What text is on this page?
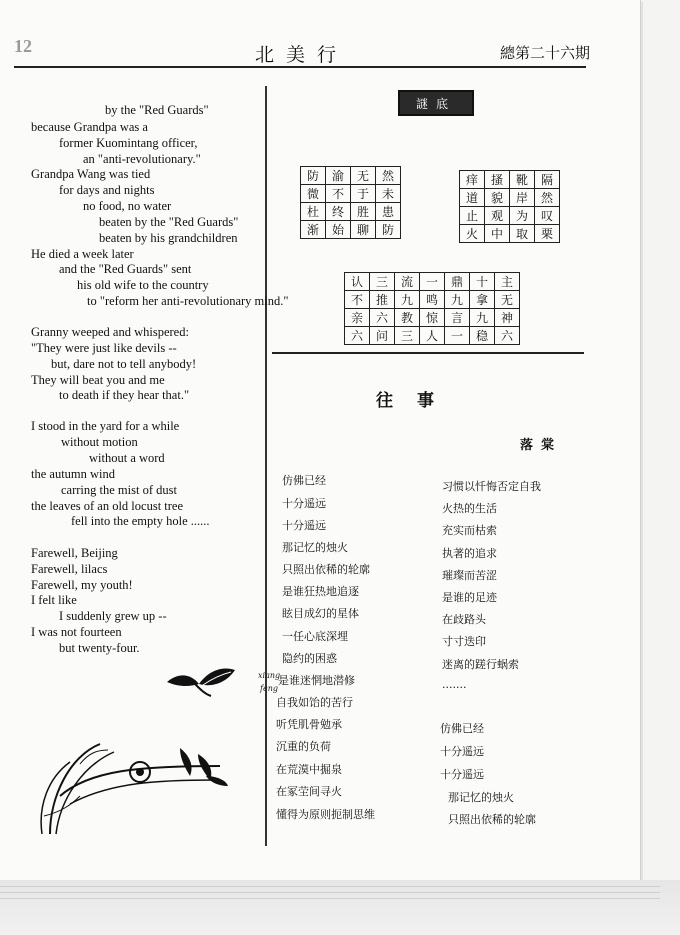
12	北美行	總第二十六期
by the "Red Guards"
because Grandpa was a
former Kuomintang officer,
an "anti-revolutionary."
Grandpa Wang was tied
for days and nights
no food, no water
beaten by the "Red Guards"
beaten by his grandchildren
He died a week later
and the "Red Guards" sent
his old wife to the country
to "reform her anti-revolutionary mind."
Granny weeped and whispered:
"They were just like devils --
but, dare not to tell anybody!
They will beat you and me
to death if they hear that."
I stood in the yard for a while
without motion
without a word
the autumn wind
carring the mist of dust
the leaves of an old locust tree
fell into the empty hole ......
Farewell, Beijing
Farewell, lilacs
Farewell, my youth!
I felt like
I suddenly grew up --
I was not fourteen
but twenty-four.
謎底
防	渝	无	然
微	不	于	未
杜	终	胜	患
渐	始	聊	防
痒	搔	靴	隔
道	貌	岸	然
止	观	为	叹
火	中	取	栗
认	三	流	一	鼎	十	主
不	推	九	鸣	九	拿	无
亲	六	教	惊	言	九	神
六	问	三	人	一	稳	六
往事
落棠
仿佛已经
十分遥远
十分遥远
那记忆的烛火
只照出依稀的轮廓
是谁狂热地追逐
眩目成幻的星体
一任心底深埋
隐约的困惑
是谁迷惘地潜修
自我如饴的苦行
听凭肌骨勉承
沉重的负荷
在荒漠中掘泉
在冢茔间寻火
懂得为原则扼制思维
xiang
feng
习惯以忏悔否定自我
火热的生活
充实而枯索
执著的追求
璀璨而苦涩
是谁的足迹
在歧路头
寸寸迭印
迷离的蹉行蜗索
.......
仿佛已经
十分遥远
十分遥远
那记忆的烛火
只照出依稀的轮廓
